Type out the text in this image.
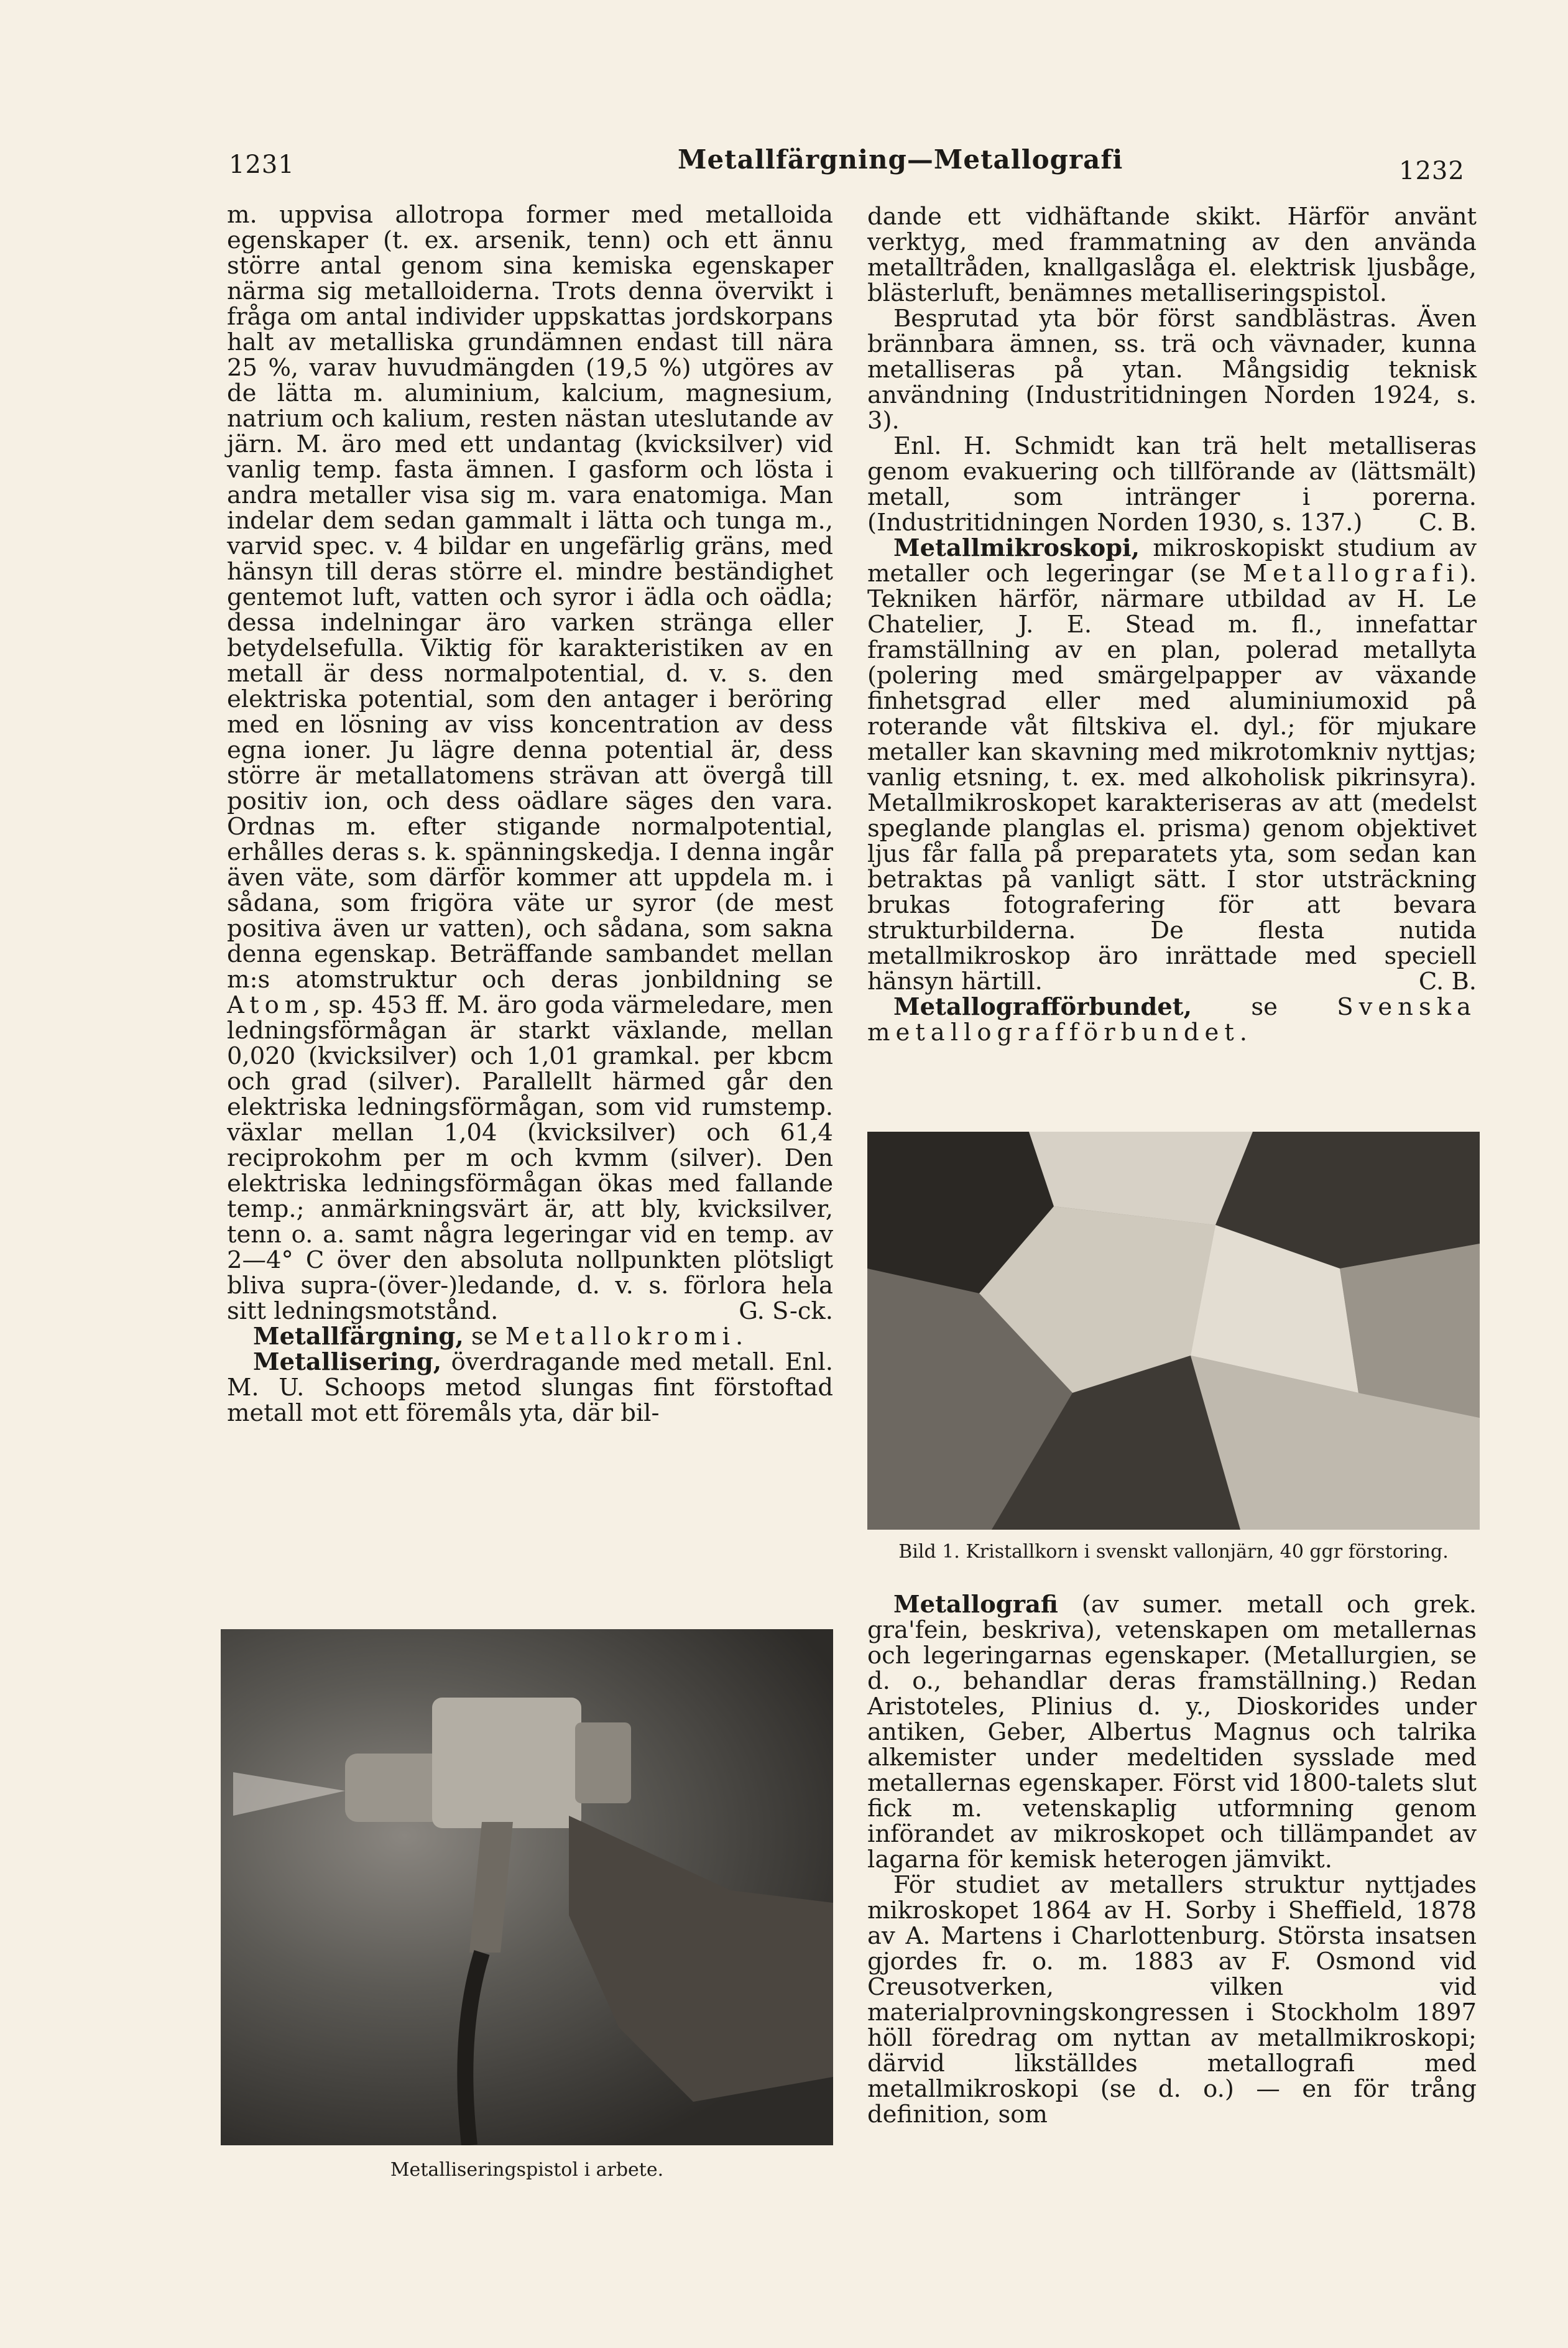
1231	Metallfärgning—Metallografi	1232

m. uppvisa allotropa former med metalloida egenskaper (t. ex. arsenik, tenn) och ett ännu större antal genom sina kemiska egenskaper närma sig metalloiderna. Trots denna övervikt i fråga om antal individer uppskattas jordskorpans halt av metalliska grundämnen endast till nära 25 %, varav huvudmängden (19,5 %) utgöres av de lätta m. aluminium, kalcium, magnesium, natrium och kalium, resten nästan uteslutande av järn. M. äro med ett undantag (kvicksilver) vid vanlig temp. fasta ämnen. I gasform och lösta i andra metaller visa sig m. vara enatomiga. Man indelar dem sedan gammalt i lätta och tunga m., varvid spec. v. 4 bildar en ungefärlig gräns, med hänsyn till deras större el. mindre beständighet gentemot luft, vatten och syror i ädla och oädla; dessa indelningar äro varken stränga eller betydelsefulla. Viktig för karakteristiken av en metall är dess normalpotential, d. v. s. den elektriska potential, som den antager i beröring med en lösning av viss koncentration av dess egna ioner. Ju lägre denna potential är, dess större är metallatomens strävan att övergå till positiv ion, och dess oädlare säges den vara. Ordnas m. efter stigande normalpotential, erhålles deras s. k. spänningskedja. I denna ingår även väte, som därför kommer att uppdela m. i sådana, som frigöra väte ur syror (de mest positiva även ur vatten), och sådana, som sakna denna egenskap. Beträffande sambandet mellan m:s atomstruktur och deras jonbildning se Atom, sp. 453 ff. M. äro goda värmeledare, men ledningsförmågan är starkt växlande, mellan 0,020 (kvicksilver) och 1,01 gramkal. per kbcm och grad (silver). Parallellt härmed går den elektriska ledningsförmågan, som vid rumstemp. växlar mellan 1,04 (kvicksilver) och 61,4 reciprokohm per m och kvmm (silver). Den elektriska ledningsförmågan ökas med fallande temp.; anmärkningsvärt är, att bly, kvicksilver, tenn o. a. samt några legeringar vid en temp. av 2—4° C över den absoluta nollpunkten plötsligt bliva supra-(över-)ledande, d. v. s. förlora hela sitt ledningsmotstånd.	G. S-ck.

Metallfärgning, se Metallokromi.

Metallisering, överdragande med metall. Enl. M. U. Schoops metod slungas fint förstoftad metall mot ett föremåls yta, där bil-

Metalliseringspistol i arbete.

dande ett vidhäftande skikt. Härför använt verktyg, med frammatning av den använda metalltråden, knallgaslåga el. elektrisk ljusbåge, blästerluft, benämnes metalliseringspistol.

Besprutad yta bör först sandblästras. Även brännbara ämnen, ss. trä och vävnader, kunna metalliseras på ytan. Mångsidig teknisk användning (Industritidningen Norden 1924, s. 3).

Enl. H. Schmidt kan trä helt metalliseras genom evakuering och tillförande av (lättsmält) metall, som intränger i porerna. (Industritidningen Norden 1930, s. 137.)	C. B.

Metallmikroskopi, mikroskopiskt studium av metaller och legeringar (se Metallografi). Tekniken härför, närmare utbildad av H. Le Chatelier, J. E. Stead m. fl., innefattar framställning av en plan, polerad metallyta (polering med smärgelpapper av växande finhetsgrad eller med aluminiumoxid på roterande våt filtskiva el. dyl.; för mjukare metaller kan skavning med mikrotomkniv nyttjas; vanlig etsning, t. ex. med alkoholisk pikrinsyra). Metallmikroskopet karakteriseras av att (medelst speglande planglas el. prisma) genom objektivet ljus får falla på preparatets yta, som sedan kan betraktas på vanligt sätt. I stor utsträckning brukas fotografering för att bevara strukturbilderna. De flesta nutida metallmikroskop äro inrättade med speciell hänsyn härtill.	C. B.

Metallografförbundet, se Svenska metallografförbundet.

Bild 1. Kristallkorn i svenskt vallonjärn, 40 ggr förstoring.

Metallografi (av sumer. metall och grek. gra'fein, beskriva), vetenskapen om metallernas och legeringarnas egenskaper. (Metallurgien, se d. o., behandlar deras framställning.) Redan Aristoteles, Plinius d. y., Dioskorides under antiken, Geber, Albertus Magnus och talrika alkemister under medeltiden sysslade med metallernas egenskaper. Först vid 1800-talets slut fick m. vetenskaplig utformning genom införandet av mikroskopet och tillämpandet av lagarna för kemisk heterogen jämvikt.

För studiet av metallers struktur nyttjades mikroskopet 1864 av H. Sorby i Sheffield, 1878 av A. Martens i Charlottenburg. Största insatsen gjordes fr. o. m. 1883 av F. Osmond vid Creusotverken, vilken vid materialprovningskongressen i Stockholm 1897 höll föredrag om nyttan av metallmikroskopi; därvid likställdes metallografi med metallmikroskopi (se d. o.) — en för trång definition, som
